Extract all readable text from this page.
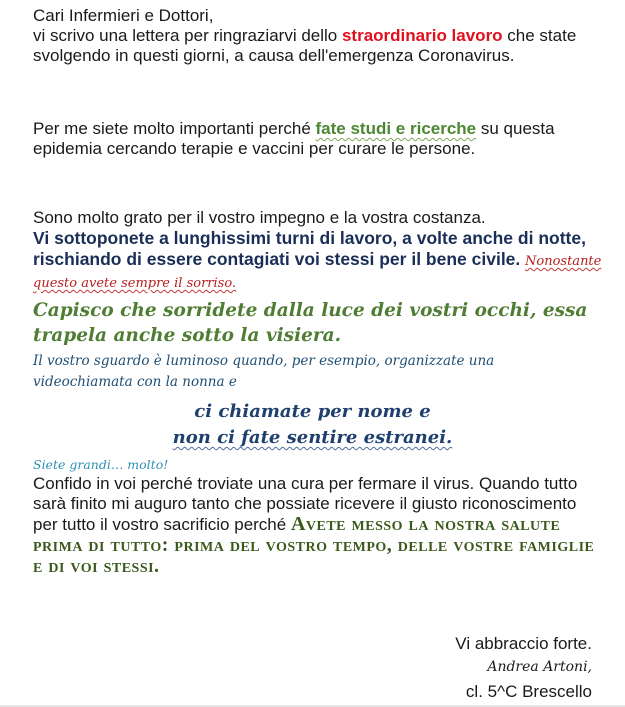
Cari Infermieri e Dottori,
vi scrivo una lettera per ringraziarvi dello straordinario lavoro che state svolgendo in questi giorni, a causa dell'emergenza Coronavirus.

Per me siete molto importanti perché fate studi e ricerche su questa epidemia cercando terapie e vaccini per curare le persone.

Sono molto grato per il vostro impegno e la vostra costanza.
Vi sottoponete a lunghissimi turni di lavoro, a volte anche di notte, rischiando di essere contagiati voi stessi per il bene civile. Nonostante questo avete sempre il sorriso.

Capisco che sorridete dalla luce dei vostri occhi, essa trapela anche sotto la visiera.

Il vostro sguardo è luminoso quando, per esempio, organizzate una videochiamata con la nonna e

ci chiamate per nome e

non ci fate sentire estranei.

Siete grandi… molto!

Confido in voi perché troviate una cura per fermare il virus. Quando tutto sarà finito mi auguro tanto che possiate ricevere il giusto riconoscimento per tutto il vostro sacrificio perché Avete messo la nostra salute prima di tutto: prima del vostro tempo, delle vostre famiglie e di voi stessi.

Vi abbraccio forte.

Andrea Artoni,

cl. 5^C Brescello
